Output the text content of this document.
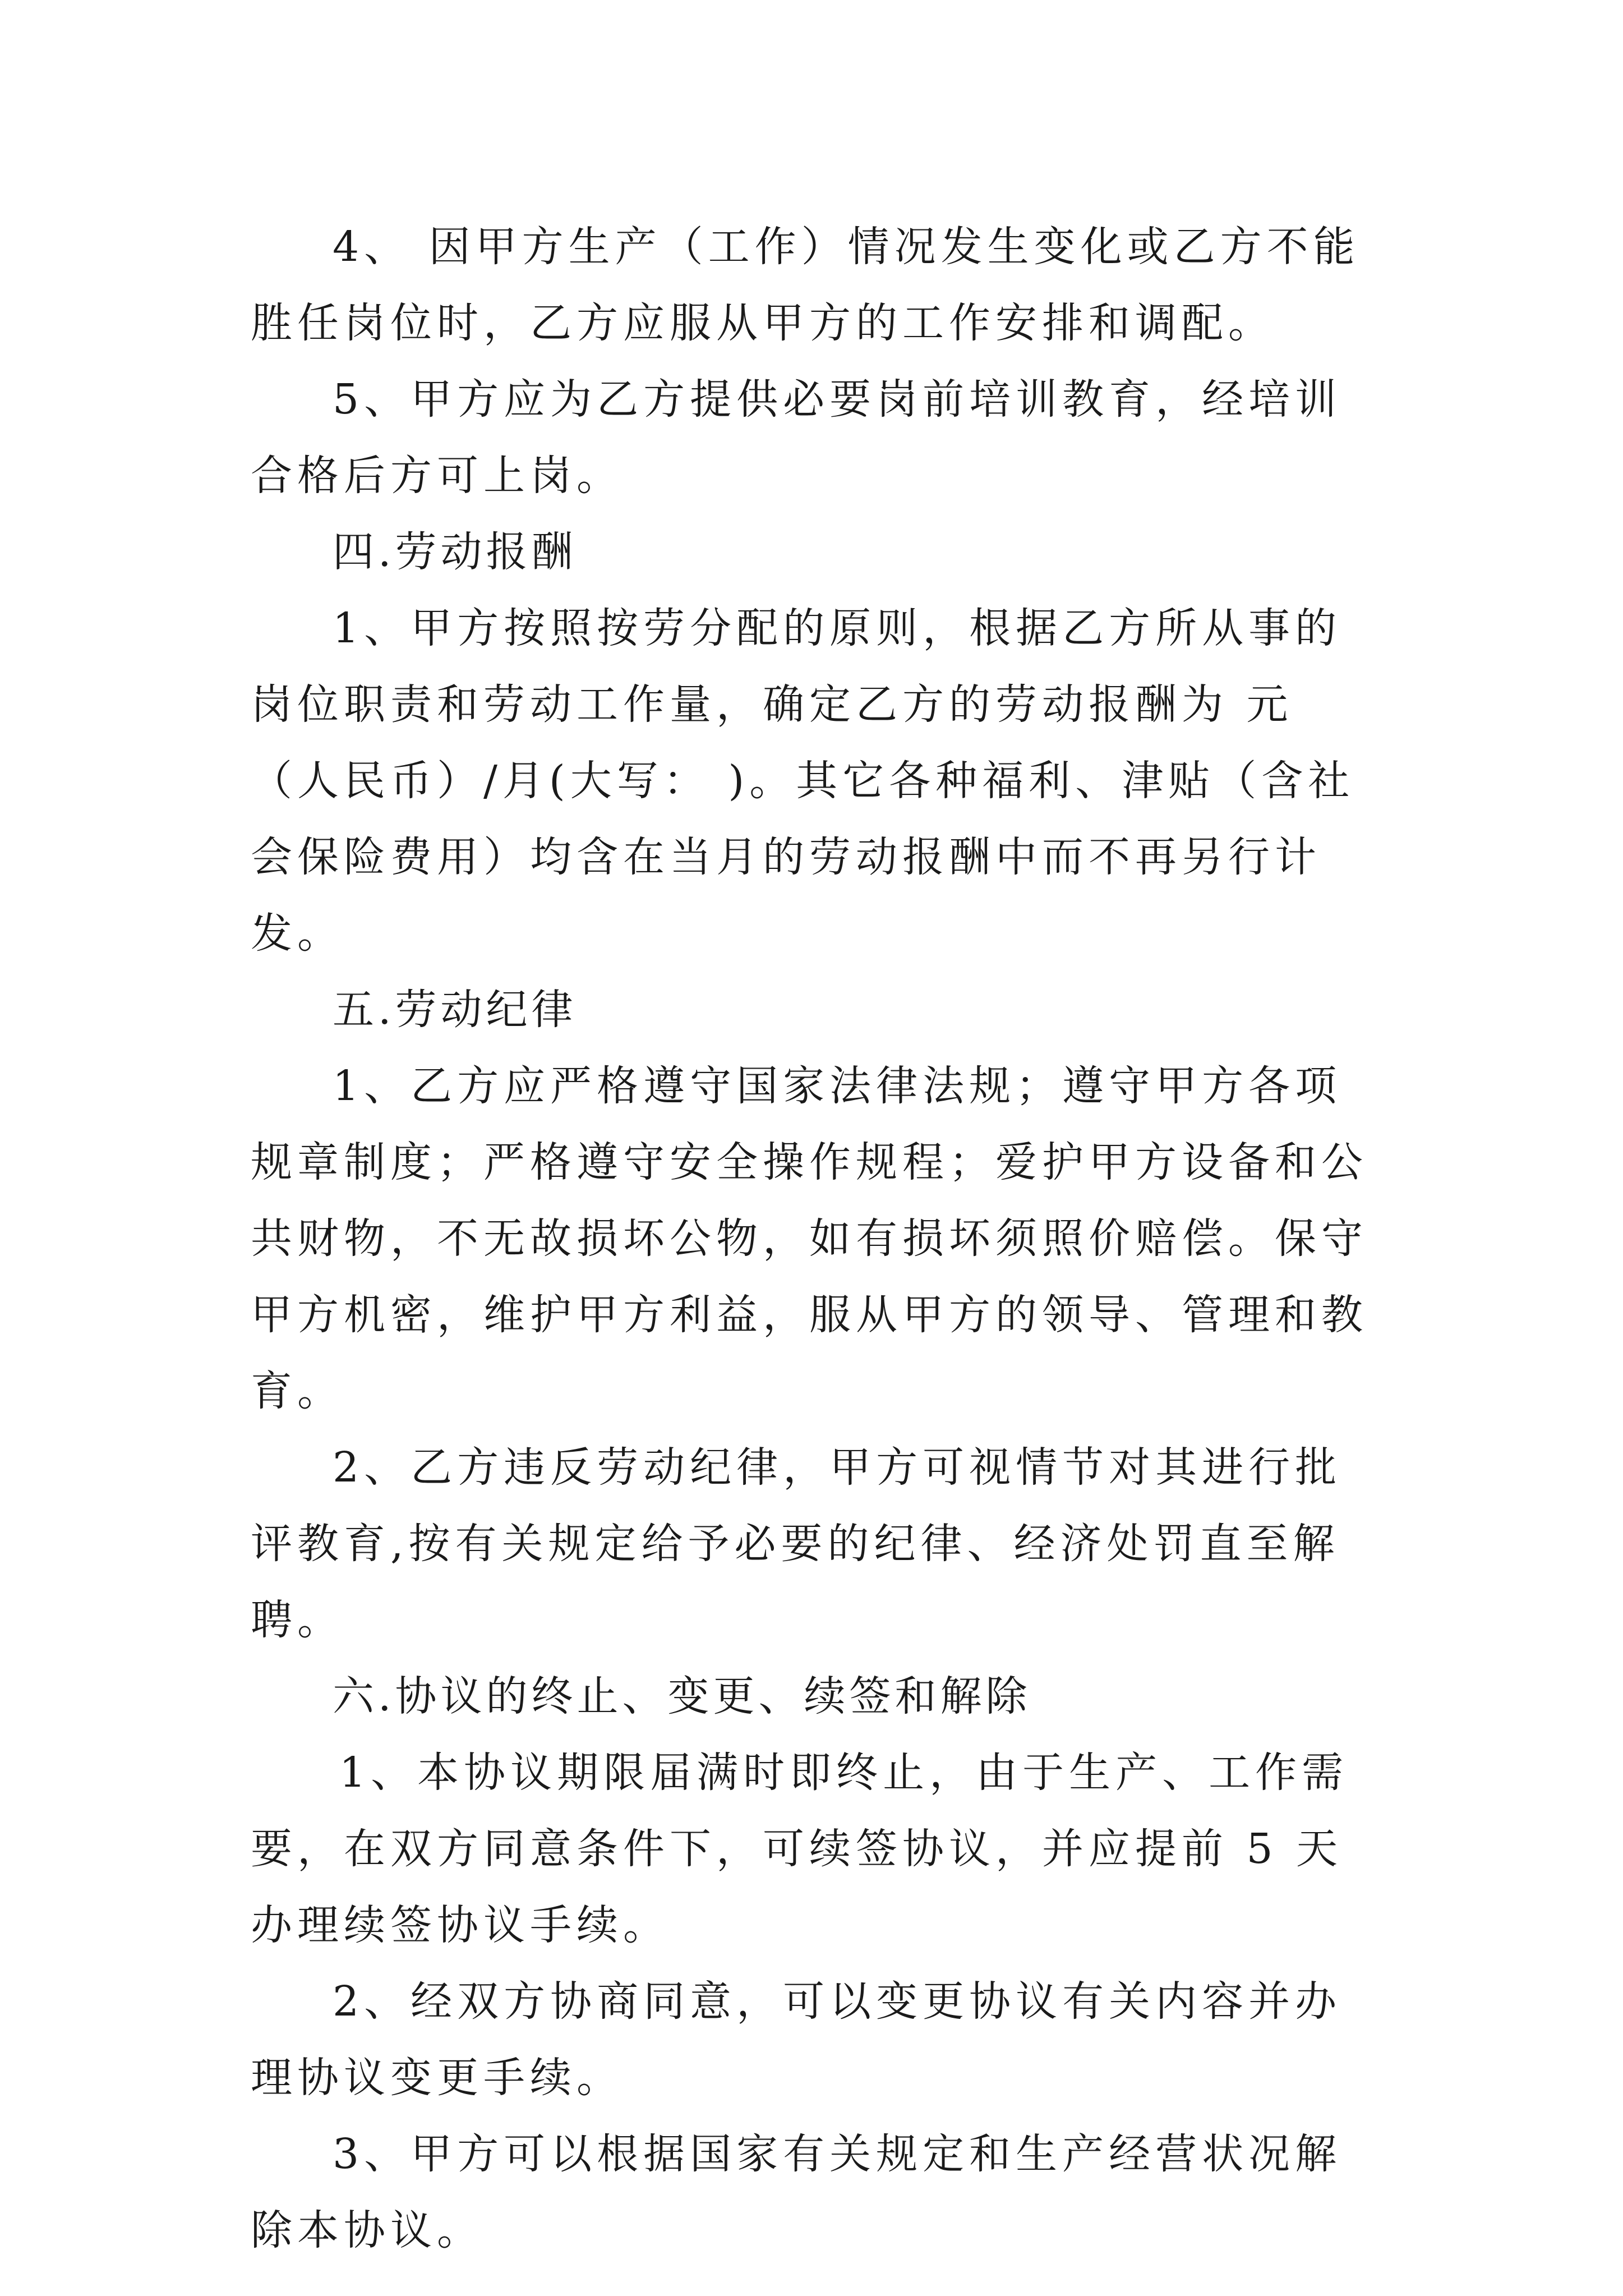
4、 因甲方生产（工作）情况发生变化或乙方不能胜任岗位时，乙方应服从甲方的工作安排和调配。

5、甲方应为乙方提供必要岗前培训教育，经培训合格后方可上岗。

四.劳动报酬

1、甲方按照按劳分配的原则，根据乙方所从事的岗位职责和劳动工作量，确定乙方的劳动报酬为 元（人民币）/月(大写： )。其它各种福利、津贴（含社会保险费用）均含在当月的劳动报酬中而不再另行计发。

五.劳动纪律

1、乙方应严格遵守国家法律法规；遵守甲方各项规章制度；严格遵守安全操作规程；爱护甲方设备和公共财物，不无故损坏公物，如有损坏须照价赔偿。保守甲方机密，维护甲方利益，服从甲方的领导、管理和教育。

2、乙方违反劳动纪律，甲方可视情节对其进行批评教育,按有关规定给予必要的纪律、经济处罚直至解聘。

六.协议的终止、变更、续签和解除

1、本协议期限届满时即终止，由于生产、工作需要，在双方同意条件下，可续签协议，并应提前 5 天办理续签协议手续。

2、经双方协商同意，可以变更协议有关内容并办理协议变更手续。

3、甲方可以根据国家有关规定和生产经营状况解除本协议。
